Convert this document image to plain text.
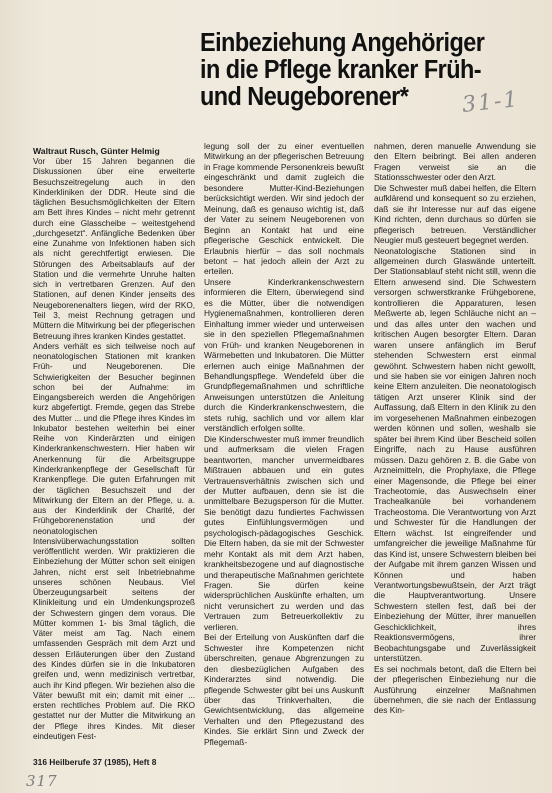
Einbeziehung Angehöriger
in die Pflege kranker Früh-
und Neugeborener*	31-1
Waltraut Rusch, Günter Helmig

Vor über 15 Jahren begannen die Diskussionen über eine erweiterte Besuchszeitregelung auch in den Kinderkliniken der DDR. Heute sind die täglichen Besuchsmöglichkeiten der Eltern am Bett ihres Kindes – nicht mehr getrennt durch eine Glasscheibe – weitestgehend „durchgesetzt“. Anfängliche Bedenken über eine Zunahme von Infektionen haben sich als nicht gerechtfertigt erwiesen. Die Störungen des Arbeitsablaufs auf der Station und die vermehrte Unruhe halten sich in vertretbaren Grenzen. Auf den Stationen, auf denen Kinder jenseits des Neugeborenenalters liegen, wird der RKO, Teil 3, meist Rechnung getragen und Müttern die Mitwirkung bei der pflegerischen Betreuung ihres kranken Kindes gestattet.

Anders verhält es sich teilweise noch auf neonatologischen Stationen mit kranken Früh- und Neugeborenen. Die Schwierigkeiten der Besucher beginnen schon bei der Aufnahme: im Eingangsbereich werden die Angehörigen kurz abgefertigt. Fremde, gegen das Strebe des Mutter ... und die Pflege ihres Kindes im Inkubator bestehen weiterhin bei einer Reihe von Kinderärzten und einigen Kinderkrankenschwestern. Hier haben wir Anerkennung für die Arbeitsgruppe Kinderkrankenpflege der Gesellschaft für Krankenpflege. Die guten Erfahrungen mit der täglichen Besuchszeit und der Mitwirkung der Eltern an der Pflege, u. a. aus der Kinderklinik der Charité, der Frühgeborenenstation und der neonatologischen Intensivüberwachungsstation sollten veröffentlicht werden. Wir praktizieren die Einbeziehung der Mütter schon seit einigen Jahren, nicht erst seit Inbetriebnahme unseres schönen Neubaus. Viel Überzeugungsarbeit seitens der Klinikleitung und ein Umdenkungsprozeß der Schwestern gingen dem voraus. Die Mütter kommen 1- bis 3mal täglich, die Väter meist am Tag. Nach einem umfassenden Gespräch mit dem Arzt und dessen Erläuterungen über den Zustand des Kindes dürfen sie in die Inkubatoren greifen und, wenn medizinisch vertretbar, auch ihr Kind pflegen. Wir beziehen also die Väter bewußt mit ein; damit mit einer ... ersten rechtliches Problem auf. Die RKO gestattet nur der Mutter die Mitwirkung an der Pflege ihres Kindes. Mit dieser eindeutigen Fest-

legung soll der zu einer eventuellen Mitwirkung an der pflegerischen Betreuung in Frage kommende Personenkreis bewußt eingeschränkt und damit zugleich die besondere Mutter-Kind-Beziehungen berücksichtigt werden. Wir sind jedoch der Meinung, daß es genauso wichtig ist, daß der Vater zu seinem Neugeborenen von Beginn an Kontakt hat und eine pflegerische Geschick entwickelt. Die Erlaubnis hierfür – das soll nochmals betont – hat jedoch allein der Arzt zu erteilen.

Unsere Kinderkrankenschwestern informieren die Eltern, überwiegend sind es die Mütter, über die notwendigen Hygienemaßnahmen, kontrollieren deren Einhaltung immer wieder und unterweisen sie in den speziellen Pflegemaßnahmen von Früh- und kranken Neugeborenen in Wärmebetten und Inkubatoren. Die Mütter erlernen auch einige Maßnahmen der Behandlungspflege. Wendefeld über die Grundpflegemaßnahmen und schriftliche Anweisungen unterstützen die Anleitung durch die Kinderkrankenschwestern, die stets ruhig, sachlich und vor allem klar verständlich erfolgen sollte.

Die Kinderschwester muß immer freundlich und aufmerksam die vielen Fragen beantworten, mancher unvermeidbares Mißtrauen abbauen und ein gutes Vertrauensverhältnis zwischen sich und der Mutter aufbauen, denn sie ist die unmittelbare Bezugsperson für die Mutter. Sie benötigt dazu fundiertes Fachwissen gutes Einfühlungsvermögen und psychologisch-pädagogisches Geschick. Die Eltern haben, da sie mit der Schwester mehr Kontakt als mit dem Arzt haben, krankheitsbezogene und auf diagnostische und therapeutische Maßnahmen gerichtete Fragen. Sie dürfen keine widersprüchlichen Auskünfte erhalten, um nicht verunsichert zu werden und das Vertrauen zum Betreuerkollektiv zu verlieren.

Bei der Erteilung von Auskünften darf die Schwester ihre Kompetenzen nicht überschreiten, genaue Abgrenzungen zu den diesbezüglichen Aufgaben des Kinderarztes sind notwendig. Die pflegende Schwester gibt bei uns Auskunft über das Trinkverhalten, die Gewichtsentwicklung, das allgemeine Verhalten und den Pflegezustand des Kindes. Sie erklärt Sinn und Zweck der Pflegemaß-

nahmen, deren manuelle Anwendung sie den Eltern beibringt. Bei allen anderen Fragen verweist sie an die Stationsschwester oder den Arzt.

Die Schwester muß dabei helfen, die Eltern aufklärend und konsequent so zu erziehen, daß sie ihr Interesse nur auf das eigene Kind richten, denn durchaus so dürfen sie pflegerisch betreuen. Verständlicher Neugier muß gesteuert begegnet werden.

Neonatologische Stationen sind in allgemeinen durch Glaswände unterteilt. Der Stationsablauf steht nicht still, wenn die Eltern anwesend sind. Die Schwestern versorgen schwerstkranke Frühgeborene, kontrollieren die Apparaturen, lesen Meßwerte ab, legen Schläuche nicht an – und das alles unter den wachen und kritischen Augen besorgter Eltern. Daran waren unsere anfänglich im Beruf stehenden Schwestern erst einmal gewöhnt. Schwestern haben nicht gewollt, und sie haben sie vor einigen Jahren noch keine Eltern anzuleiten. Die neonatologisch tätigen Arzt unserer Klinik sind der Auffassung, daß Eltern in den Klinik zu den im vorgesehenen Maßnahmen einbezogen werden können und sollen, weshalb sie später bei ihrem Kind über Bescheid sollen Eingriffe, nach zu Hause ausführen müssen. Dazu gehören z. B. die Gabe von Arzneimitteln, die Prophylaxe, die Pflege einer Magensonde, die Pflege bei einer Tracheotomie, das Auswechseln einer Trachealkanüle bei vorhandenem Tracheostoma. Die Verantwortung von Arzt und Schwester für die Handlungen der Eltern wächst. Ist eingreifender und umfangreicher die jeweilige Maßnahme für das Kind ist, unsere Schwestern bleiben bei der Aufgabe mit ihrem ganzen Wissen und Können und haben Verantwortungsbewußtsein, der Arzt trägt die Hauptverantwortung. Unsere Schwestern stellen fest, daß bei der Einbeziehung der Mütter, ihrer manuellen Geschicklichkeit, ihres Reaktionsvermögens, ihrer Beobachtungsgabe und Zuverlässigkeit unterstützen.

Es sei nochmals betont, daß die Eltern bei der pflegerischen Einbeziehung nur die Ausführung einzelner Maßnahmen übernehmen, die sie nach der Entlassung des Kin-

316 Heilberufe 37 (1985), Heft 8
317
